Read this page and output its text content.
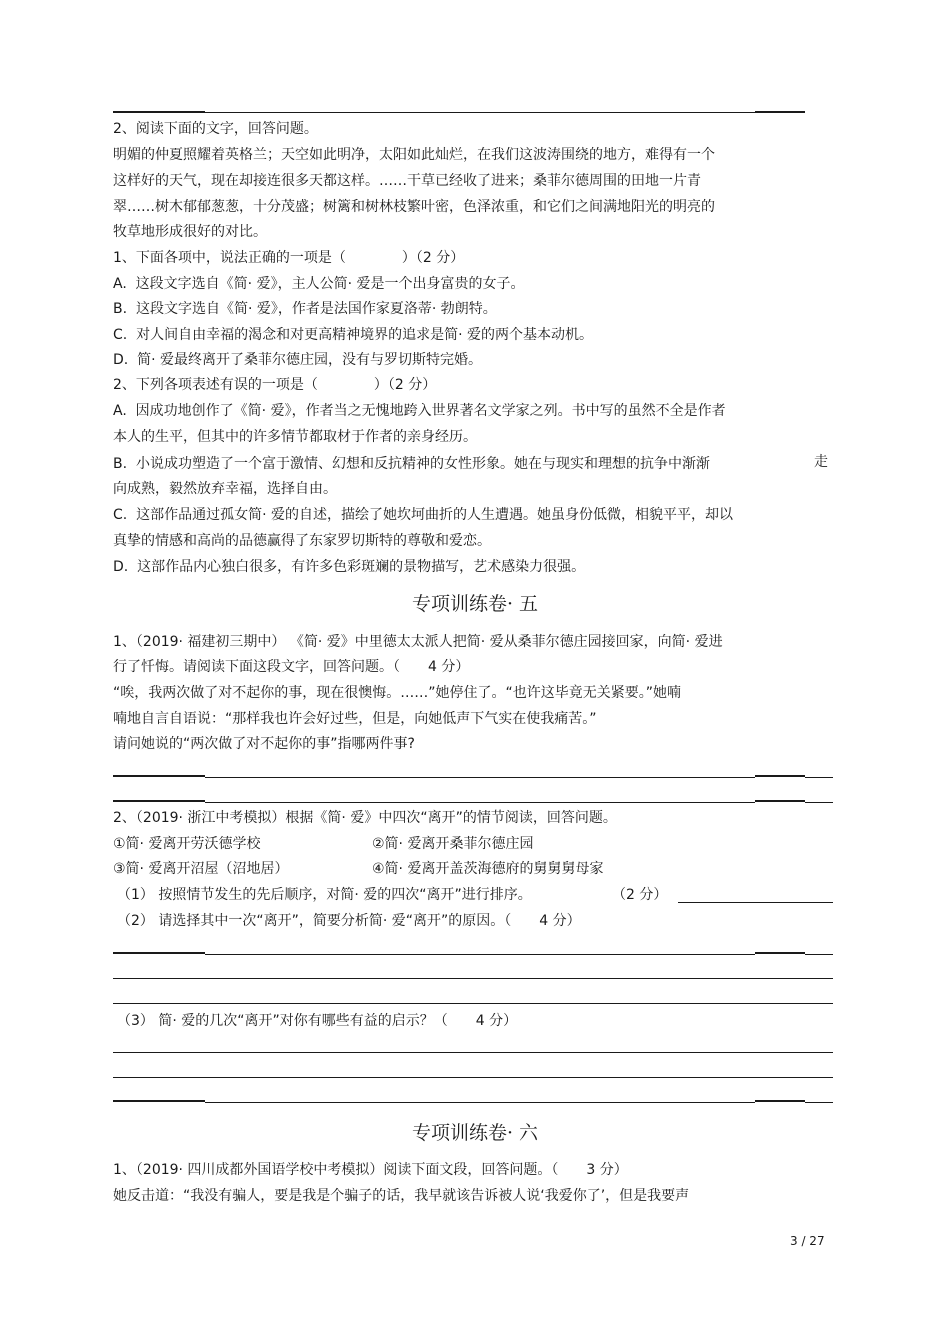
2、阅读下面的文字，回答问题。
明媚的仲夏照耀着英格兰；天空如此明净，太阳如此灿烂，在我们这波涛围绕的地方，难得有一个
这样好的天气，现在却接连很多天都这样。……干草已经收了进来；桑菲尔德周围的田地一片青
翠……树木郁郁葱葱，十分茂盛；树篱和树林枝繁叶密，色泽浓重，和它们之间满地阳光的明亮的
牧草地形成很好的对比。
1、下面各项中，说法正确的一项是（　　　　）（2 分）
A.  这段文字选自《简· 爱》，主人公简· 爱是一个出身富贵的女子。
B.  这段文字选自《简· 爱》，作者是法国作家夏洛蒂· 勃朗特。
C.  对人间自由幸福的渴念和对更高精神境界的追求是简· 爱的两个基本动机。
D.  简· 爱最终离开了桑菲尔德庄园，没有与罗切斯特完婚。
2、下列各项表述有误的一项是（　　　　）（2 分）
A.  因成功地创作了《简· 爱》，作者当之无愧地跨入世界著名文学家之列。书中写的虽然不全是作者
本人的生平，但其中的许多情节都取材于作者的亲身经历。
B.  小说成功塑造了一个富于激情、幻想和反抗精神的女性形象。她在与现实和理想的抗争中渐渐	走
向成熟，毅然放弃幸福，选择自由。
C.  这部作品通过孤女简· 爱的自述，描绘了她坎坷曲折的人生遭遇。她虽身份低微，相貌平平，却以
真挚的情感和高尚的品德赢得了东家罗切斯特的尊敬和爱恋。
D.  这部作品内心独白很多，有许多色彩斑斓的景物描写，艺术感染力很强。
专项训练卷· 五
1、（2019· 福建初三期中） 《简· 爱》中里德太太派人把简· 爱从桑菲尔德庄园接回家，向简· 爱进
行了忏悔。请阅读下面这段文字，回答问题。（　　4 分）
“唉，我两次做了对不起你的事，现在很懊悔。……”她停住了。“也许这毕竟无关紧要。”她喃
喃地自言自语说：“那样我也许会好过些，但是，向她低声下气实在使我痛苦。”
请问她说的“两次做了对不起你的事”指哪两件事?
2、（2019· 浙江中考模拟）根据《简· 爱》中四次“离开”的情节阅读，回答问题。
①简· 爱离开劳沃德学校	②简· 爱离开桑菲尔德庄园
③简· 爱离开沼屋（沼地居）	④简· 爱离开盖茨海德府的舅舅舅母家
（1） 按照情节发生的先后顺序，对简· 爱的四次“离开”进行排序。	（2 分）
（2） 请选择其中一次“离开”，简要分析简· 爱“离开”的原因。（　　4 分）
（3） 简· 爱的几次“离开”对你有哪些有益的启示？（　　4 分）
专项训练卷· 六
1、（2019· 四川成都外国语学校中考模拟）阅读下面文段，回答问题。（　　3 分）
她反击道：“我没有骗人，要是我是个骗子的话，我早就该告诉被人说‘我爱你了’，但是我要声
3 / 27
